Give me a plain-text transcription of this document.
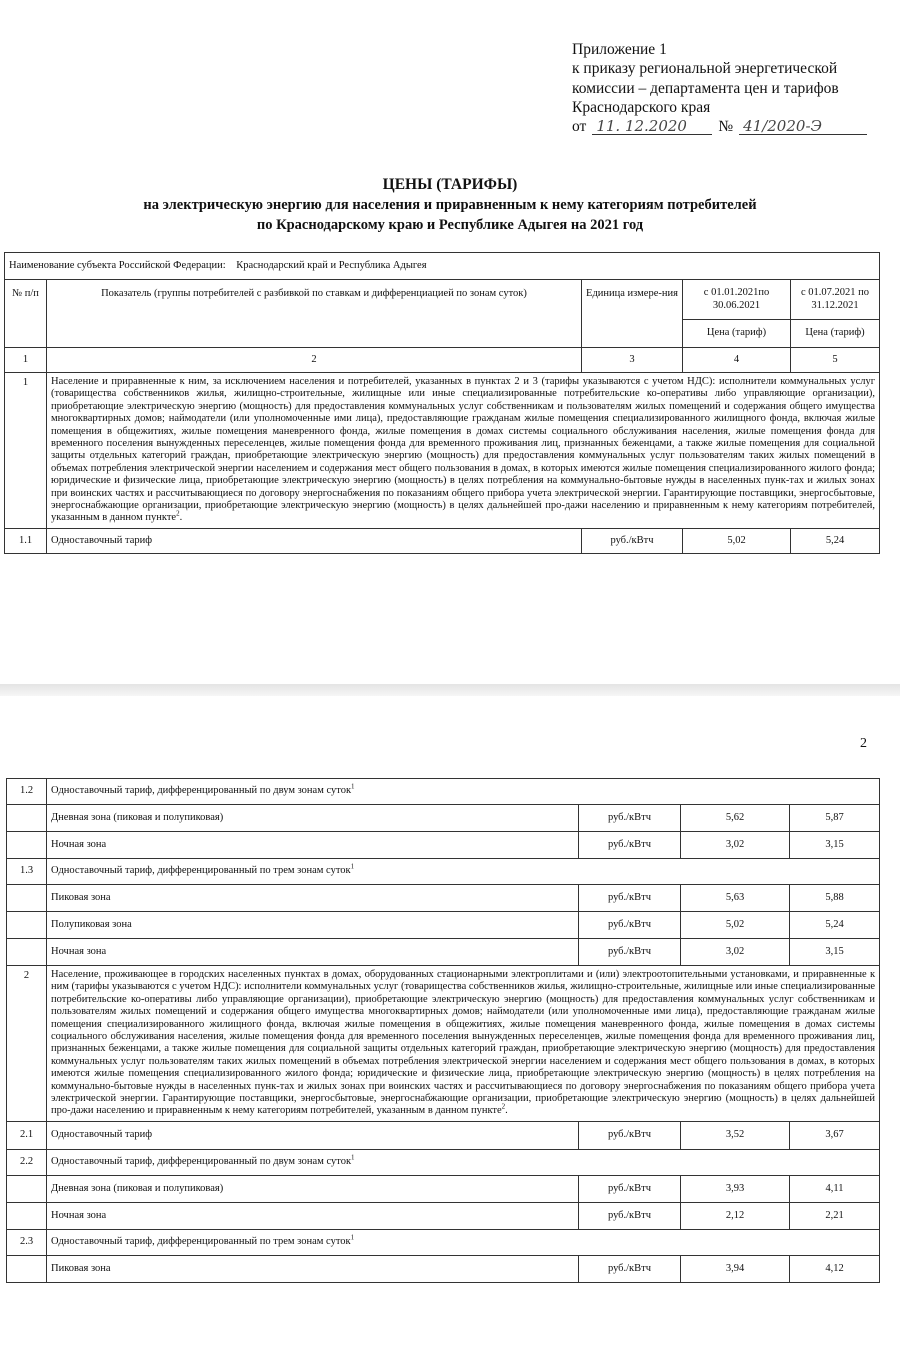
Приложение 1
к приказу региональной энергетической
комиссии – департамента цен и тарифов
Краснодарского края
от 11. 12.2020	№ 41/2020-Э
ЦЕНЫ (ТАРИФЫ)
на электрическую энергию для населения и приравненным к нему категориям потребителей
по Краснодарскому краю и Республике Адыгея на 2021 год
Наименование субъекта Российской Федерации: Краснодарский край и Республика Адыгея				
№ п/п	Показатель (группы потребителей с разбивкой по ставкам и дифференциацией по зонам суток)	Единица измере-ния	с 01.01.2021по 30.06.2021	с 01.07.2021 по 31.12.2021
			Цена (тариф)	Цена (тариф)
1	2	3	4	5
1	Население и приравненные к ним, за исключением населения и потребителей, указанных в пунктах 2 и 3 (тарифы указываются с учетом НДС): исполнители коммунальных услуг (товарищества собственников жилья, жилищно-строительные, жилищные или иные специализированные потребительские ко-оперативы либо управляющие организации), приобретающие электрическую энергию (мощность) для предоставления коммунальных услуг собственникам и пользователям жилых помещений и содержания общего имущества многоквартирных домов; наймодатели (или уполномоченные ими лица), предоставляющие гражданам жилые помещения специализированного жилищного фонда, включая жилые помещения в общежитиях, жилые помещения маневренного фонда, жилые помещения в домах системы социального обслуживания населения, жилые помещения фонда для временного поселения вынужденных переселенцев, жилые помещения фонда для временного проживания лиц, признанных беженцами, а также жилые помещения для социальной защиты отдельных категорий граждан, приобретающие электрическую энергию (мощность) для предоставления коммунальных услуг пользователям таких жилых помещений в объемах потребления электрической энергии населением и содержания мест общего пользования в домах, в которых имеются жилые помещения специализированного жилого фонда; юридические и физические лица, приобретающие электрическую энергию (мощность) в целях потребления на коммунально-бытовые нужды в населенных пунк-тах и жилых зонах при воинских частях и рассчитывающиеся по договору энергоснабжения по показаниям общего прибора учета электрической энергии. Гарантирующие поставщики, энергосбытовые, энергоснабжающие организации, приобретающие электрическую энергию (мощность) в целях дальнейшей про-дажи населению и приравненным к нему категориям потребителей, указанным в данном пункте$^2$.			
1.1	Одноставочный тариф	руб./кВтч	5,02	5,24
2
1.2	Одноставочный тариф, дифференцированный по двум зонам суток$^1$
	Дневная зона (пиковая и полупиковая)	руб./кВтч	5,62	5,87
	Ночная зона	руб./кВтч	3,02	3,15
1.3	Одноставочный тариф, дифференцированный по трем зонам суток$^1$
	Пиковая зона	руб./кВтч	5,63	5,88
	Полупиковая зона	руб./кВтч	5,02	5,24
	Ночная зона	руб./кВтч	3,02	3,15
2	Население, проживающее в городских населенных пунктах в домах, оборудованных стационарными электроплитами и (или) электроотопительными установками, и приравненные к ним (тарифы указываются с учетом НДС): исполнители коммунальных услуг (товарищества собственников жилья, жилищно-строительные, жилищные или иные специализированные потребительские ко-оперативы либо управляющие организации), приобретающие электрическую энергию (мощность) для предоставления коммунальных услуг собственникам и пользователям жилых помещений и содержания общего имущества многоквартирных домов; наймодатели (или уполномоченные ими лица), предоставляющие гражданам жилые помещения специализированного жилищного фонда, включая жилые помещения в общежитиях, жилые помещения маневренного фонда, жилые помещения в домах системы социального обслуживания населения, жилые помещения фонда для временного поселения вынужденных переселенцев, жилые помещения фонда для временного проживания лиц, признанных беженцами, а также жилые помещения для социальной защиты отдельных категорий граждан, приобретающие электрическую энергию (мощность) для предоставления коммунальных услуг пользователям таких жилых помещений в объемах потребления электрической энергии населением и содержания мест общего пользования в домах, в которых имеются жилые помещения специализированного жилого фонда; юридические и физические лица, приобретающие электрическую энергию (мощность) в целях потребления на коммунально-бытовые нужды в населенных пунк-тах и жилых зонах при воинских частях и рассчитывающиеся по договору энергоснабжения по показаниям общего прибора учета электрической энергии. Гарантирующие поставщики, энергосбытовые, энергоснабжающие организации, приобретающие электрическую энергию (мощность) в целях дальнейшей про-дажи населению и приравненным к нему категориям потребителей, указанным в данном пункте$^2$.			
2.1	Одноставочный тариф	руб./кВтч	3,52	3,67
2.2	Одноставочный тариф, дифференцированный по двум зонам суток$^1$
	Дневная зона (пиковая и полупиковая)	руб./кВтч	3,93	4,11
	Ночная зона	руб./кВтч	2,12	2,21
2.3	Одноставочный тариф, дифференцированный по трем зонам суток$^1$
	Пиковая зона	руб./кВтч	3,94	4,12
